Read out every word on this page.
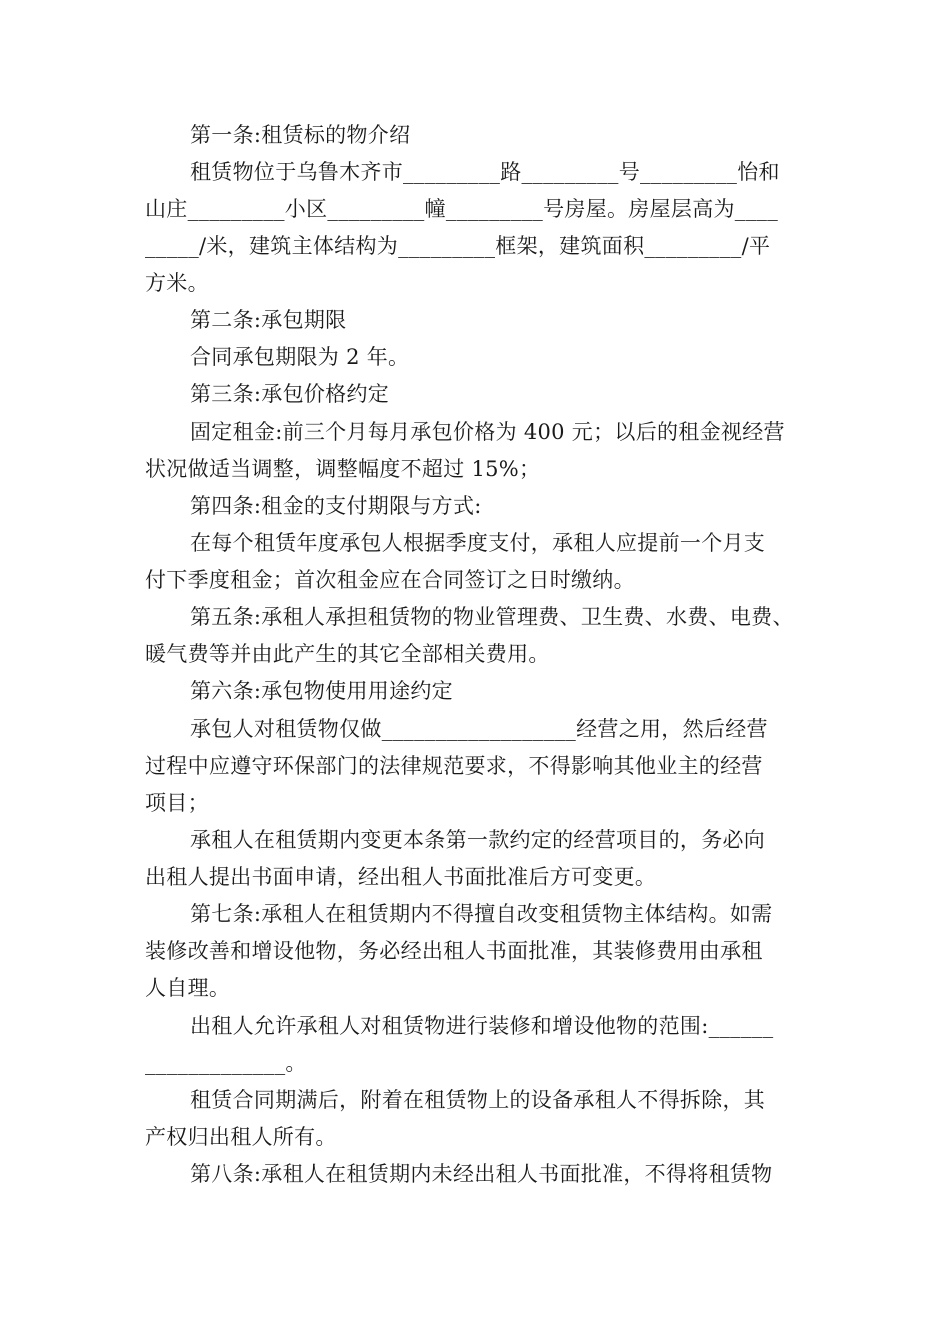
第一条:租赁标的物介绍
租赁物位于乌鲁木齐市_________路_________号_________怡和
山庄_________小区_________幢_________号房屋。房屋层高为____
_____/米，建筑主体结构为_________框架，建筑面积_________/平
方米。
第二条:承包期限
合同承包期限为 2 年。
第三条:承包价格约定
固定租金:前三个月每月承包价格为 400 元；以后的租金视经营
状况做适当调整，调整幅度不超过 15%；
第四条:租金的支付期限与方式:
在每个租赁年度承包人根据季度支付，承租人应提前一个月支
付下季度租金；首次租金应在合同签订之日时缴纳。
第五条:承租人承担租赁物的物业管理费、卫生费、水费、电费、
暖气费等并由此产生的其它全部相关费用。
第六条:承包物使用用途约定
承包人对租赁物仅做__________________经营之用，然后经营
过程中应遵守环保部门的法律规范要求，不得影响其他业主的经营
项目；
承租人在租赁期内变更本条第一款约定的经营项目的，务必向
出租人提出书面申请，经出租人书面批准后方可变更。
第七条:承租人在租赁期内不得擅自改变租赁物主体结构。如需
装修改善和增设他物，务必经出租人书面批准，其装修费用由承租
人自理。
出租人允许承租人对租赁物进行装修和增设他物的范围:______
_____________。
租赁合同期满后，附着在租赁物上的设备承租人不得拆除，其
产权归出租人所有。
第八条:承租人在租赁期内未经出租人书面批准，不得将租赁物
